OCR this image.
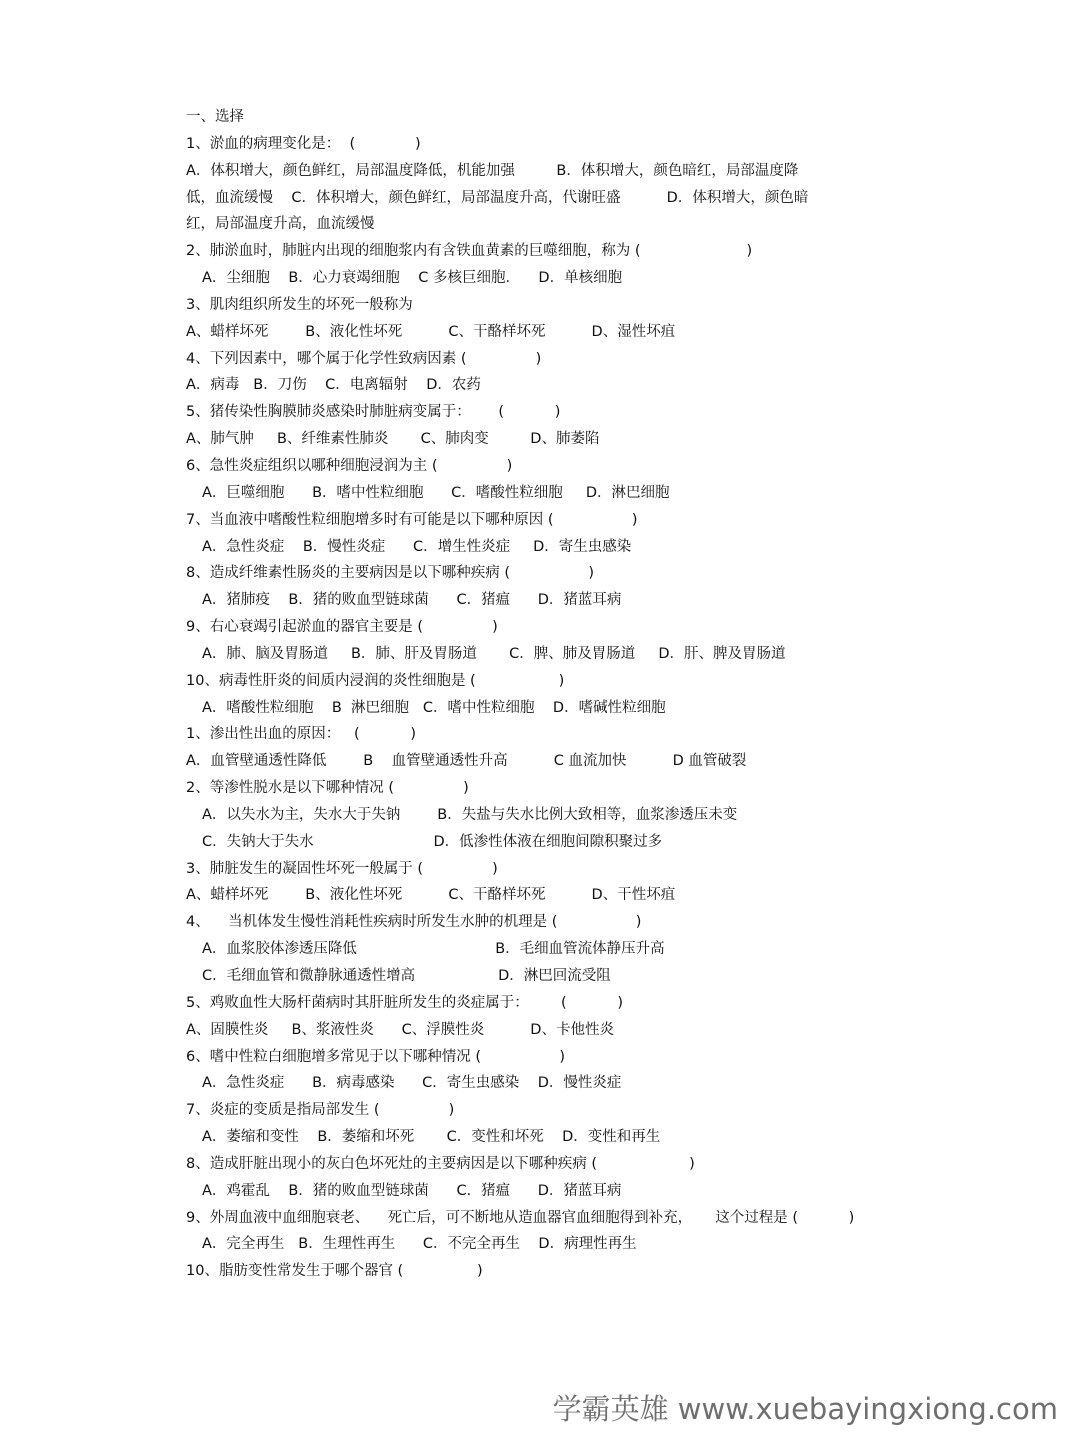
一、选择
1、淤血的病理变化是：  (             )
A．体积增大，颜色鲜红，局部温度降低，机能加强         B．体积增大，颜色暗红，局部温度降
低，血流缓慢    C．体积增大，颜色鲜红，局部温度升高，代谢旺盛          D．体积增大，颜色暗
红，局部温度升高，血流缓慢
2、肺淤血时，肺脏内出现的细胞浆内有含铁血黄素的巨噬细胞，称为 (                       )
A．尘细胞    B．心力衰竭细胞    C 多核巨细胞．    D．单核细胞
3、肌肉组织所发生的坏死一般称为
A、蜡样坏死        B、液化性坏死          C、干酪样坏死          D、湿性坏疽
4、下列因素中，哪个属于化学性致病因素 (               )
A．病毒   B．刀伤    C．电离辐射    D．农药
5、猪传染性胸膜肺炎感染时肺脏病变属于：      (           )
A、肺气肿     B、纤维素性肺炎       C、肺肉变         D、肺萎陷
6、急性炎症组织以哪种细胞浸润为主 (               )
A．巨噬细胞      B．嗜中性粒细胞      C．嗜酸性粒细胞     D．淋巴细胞
7、当血液中嗜酸性粒细胞增多时有可能是以下哪种原因 (                 )
A．急性炎症    B．慢性炎症      C．增生性炎症     D．寄生虫感染
8、造成纤维素性肠炎的主要病因是以下哪种疾病 (                 )
A．猪肺疫    B．猪的败血型链球菌      C．猪瘟      D．猪蓝耳病
9、右心衰竭引起淤血的器官主要是 (               )
A．肺、脑及胃肠道     B．肺、肝及胃肠道       C．脾、肺及胃肠道     D．肝、脾及胃肠道
10、病毒性肝炎的间质内浸润的炎性细胞是 (                  )
A．嗜酸性粒细胞    B  淋巴细胞   C．嗜中性粒细胞    D．嗜碱性粒细胞
1、渗出性出血的原因：   (           )
A．血管壁通透性降低        B    血管壁通透性升高          C 血流加快          D 血管破裂
2、等渗性脱水是以下哪种情况 (               )
A．以失水为主，失水大于失钠        B．失盐与失水比例大致相等，血浆渗透压未变
C．失钠大于失水                          D．低渗性体液在细胞间隙积聚过多
3、肺脏发生的凝固性坏死一般属于 (               )
A、蜡样坏死        B、液化性坏死          C、干酪样坏死          D、干性坏疽
4、    当机体发生慢性消耗性疾病时所发生水肿的机理是 (                 )
A．血浆胶体渗透压降低                              B．毛细血管流体静压升高
C．毛细血管和微静脉通透性增高                  D．淋巴回流受阻
5、鸡败血性大肠杆菌病时其肝脏所发生的炎症属于：       (           )
A、固膜性炎     B、浆液性炎      C、浮膜性炎          D、卡他性炎
6、嗜中性粒白细胞增多常见于以下哪种情况 (                 )
A．急性炎症      B．病毒感染      C．寄生虫感染    D．慢性炎症
7、炎症的变质是指局部发生 (               )
A．萎缩和变性    B．萎缩和坏死       C．变性和坏死    D．变性和再生
8、造成肝脏出现小的灰白色坏死灶的主要病因是以下哪种疾病 (                    )
A．鸡霍乱    B．猪的败血型链球菌      C．猪瘟      D．猪蓝耳病
9、外周血液中血细胞衰老、    死亡后，可不断地从造血器官血细胞得到补充，     这个过程是 (           )
A．完全再生   B．生理性再生      C．不完全再生    D．病理性再生
10、脂肪变性常发生于哪个器官 (                )
学霸英雄 www.xuebayingxiong.com
